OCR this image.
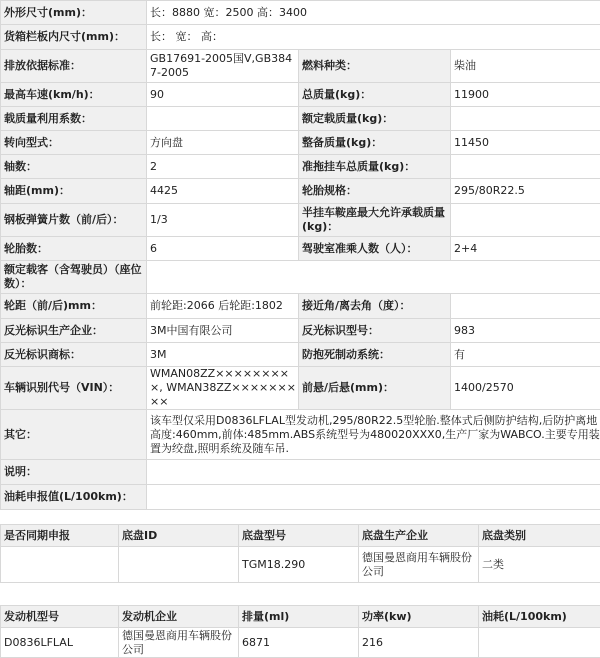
外形尺寸(mm)：	长：8880 宽：2500 高：3400		
货箱栏板内尺寸(mm)：	长： 宽： 高：		
排放依据标准：	GB17691-2005国Ⅴ,GB3847-2005	燃料种类：	柴油
最高车速(km/h)：	90	总质量(kg)：	11900
载质量利用系数：		额定载质量(kg)：	
转向型式：	方向盘	整备质量(kg)：	11450
轴数：	2	准拖挂车总质量(kg)：	
轴距(mm)：	4425	轮胎规格：	295/80R22.5
钢板弹簧片数（前/后）：	1/3	半挂车鞍座最大允许承载质量(kg)：	
轮胎数：	6	驾驶室准乘人数（人）：	2+4
额定载客（含驾驶员）（座位数）：			
轮距（前/后)mm：	前轮距:2066 后轮距:1802	接近角/离去角（度）：	
反光标识生产企业：	3M中国有限公司	反光标识型号：	983
反光标识商标：	3M	防抱死制动系统：	有
车辆识别代号（VIN）：	WMAN08ZZ×××××××××, WMAN38ZZ×××××××××	前悬/后悬(mm)：	1400/2570
其它：	该车型仅采用D0836LFLAL型发动机,295/80R22.5型轮胎.整体式后侧防护结构,后防护离地高度:460mm,前体:485mm.ABS系统型号为480020XXX0,生产厂家为WABCO.主要专用装置为绞盘,照明系统及随车吊.		
说明：			
油耗申报值(L/100km)：			
是否同期申报	底盘ID	底盘型号	底盘生产企业	底盘类别
		TGM18.290	德国曼恩商用车辆股份公司	二类
发动机型号	发动机企业	排量(ml)	功率(kw)	油耗(L/100km)
D0836LFLAL	德国曼恩商用车辆股份公司	6871	216	
